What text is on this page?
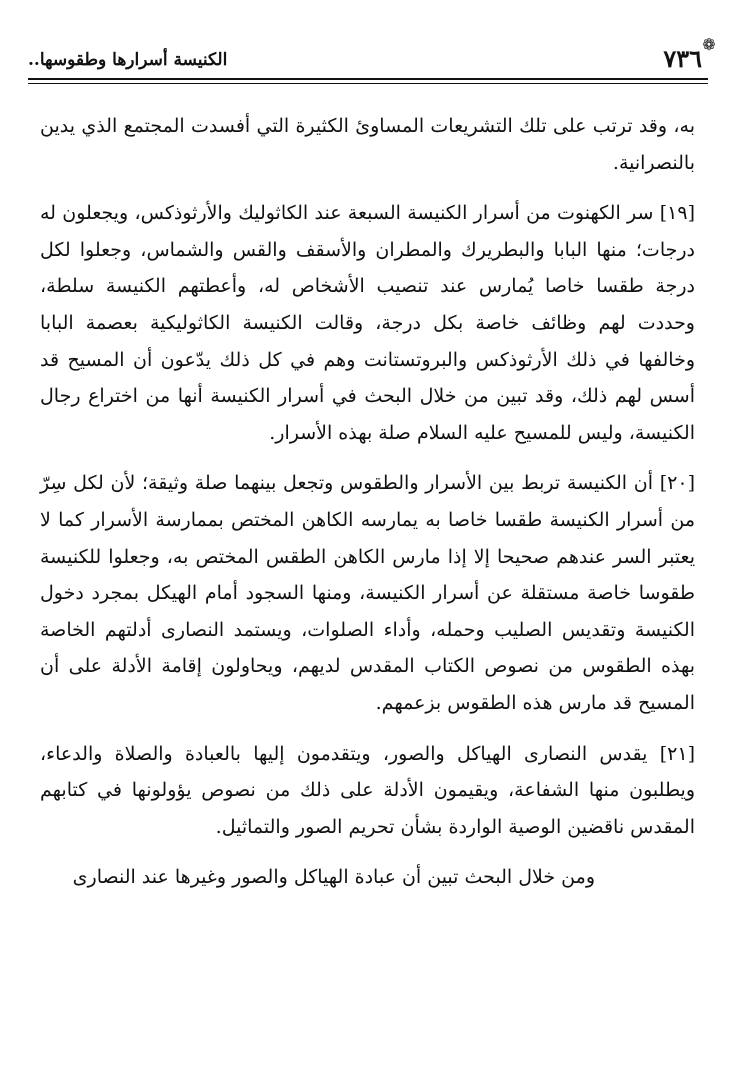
❁
٧٣٦
الكنيسة أسرارها وطقوسها..

به، وقد ترتب على تلك التشريعات المساوئ الكثيرة التي أفسدت المجتمع الذي يدين بالنصرانية.

[١٩] سر الكهنوت من أسرار الكنيسة السبعة عند الكاثوليك والأرثوذكس، ويجعلون له درجات؛ منها البابا والبطريرك والمطران والأسقف والقس والشماس، وجعلوا لكل درجة طقسا خاصا يُمارس عند تنصيب الأشخاص له، وأعطتهم الكنيسة سلطة، وحددت لهم وظائف خاصة بكل درجة، وقالت الكنيسة الكاثوليكية بعصمة البابا وخالفها في ذلك الأرثوذكس والبروتستانت وهم في كل ذلك يدّعون أن المسيح قد أسس لهم ذلك، وقد تبين من خلال البحث في أسرار الكنيسة أنها من اختراع رجال الكنيسة، وليس للمسيح عليه السلام صلة بهذه الأسرار.

[٢٠] أن الكنيسة تربط بين الأسرار والطقوس وتجعل بينهما صلة وثيقة؛ لأن لكل سِرّ من أسرار الكنيسة طقسا خاصا به يمارسه الكاهن المختص بممارسة الأسرار كما لا يعتبر السر عندهم صحيحا إلا إذا مارس الكاهن الطقس المختص به، وجعلوا للكنيسة طقوسا خاصة مستقلة عن أسرار الكنيسة، ومنها السجود أمام الهيكل بمجرد دخول الكنيسة وتقديس الصليب وحمله، وأداء الصلوات، ويستمد النصارى أدلتهم الخاصة بهذه الطقوس من نصوص الكتاب المقدس لديهم، ويحاولون إقامة الأدلة على أن المسيح قد مارس هذه الطقوس بزعمهم.

[٢١] يقدس النصارى الهياكل والصور، ويتقدمون إليها بالعبادة والصلاة والدعاء، ويطلبون منها الشفاعة، ويقيمون الأدلة على ذلك من نصوص يؤولونها في كتابهم المقدس ناقضين الوصية الواردة بشأن تحريم الصور والتماثيل.

ومن خلال البحث تبين أن عبادة الهياكل والصور وغيرها عند النصارى
